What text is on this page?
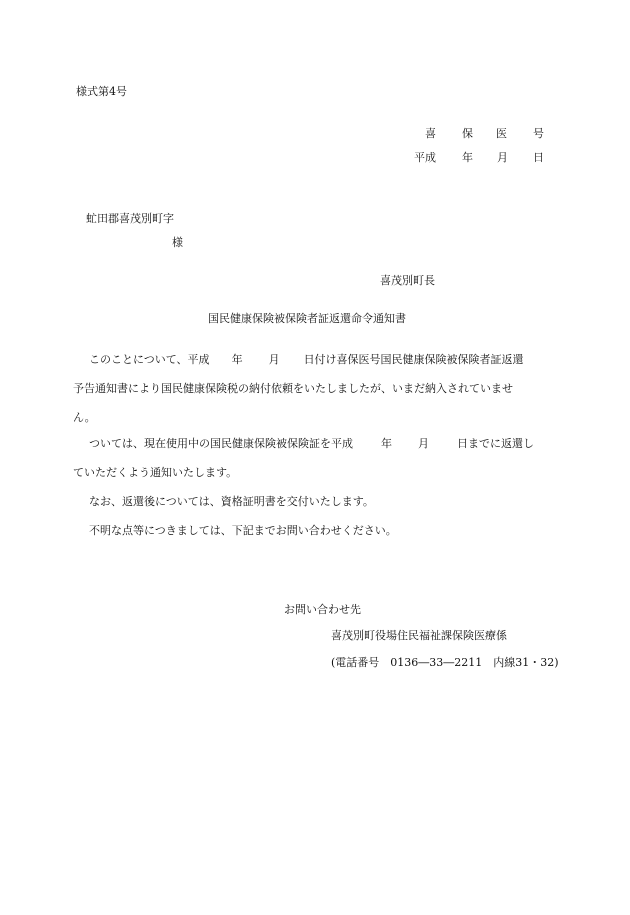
様式第4号
喜 保 医 号
平成 年 月 日
虻田郡喜茂別町字
様
喜茂別町長
国民健康保険被保険者証返還命令通知書
このことについて、平成 年 月 日付け喜保医号国民健康保険被保険者証返還
予告通知書により国民健康保険税の納付依頼をいたしましたが、いまだ納入されていませ
ん。
ついては、現在使用中の国民健康保険被保険証を平成	年 月	日までに返還し
ていただくよう通知いたします。
なお、返還後については、資格証明書を交付いたします。
不明な点等につきましては、下記までお問い合わせください。
お問い合わせ先
喜茂別町役場住民福祉課保険医療係
(電話番号　0136―33―2211　内線31・32)
